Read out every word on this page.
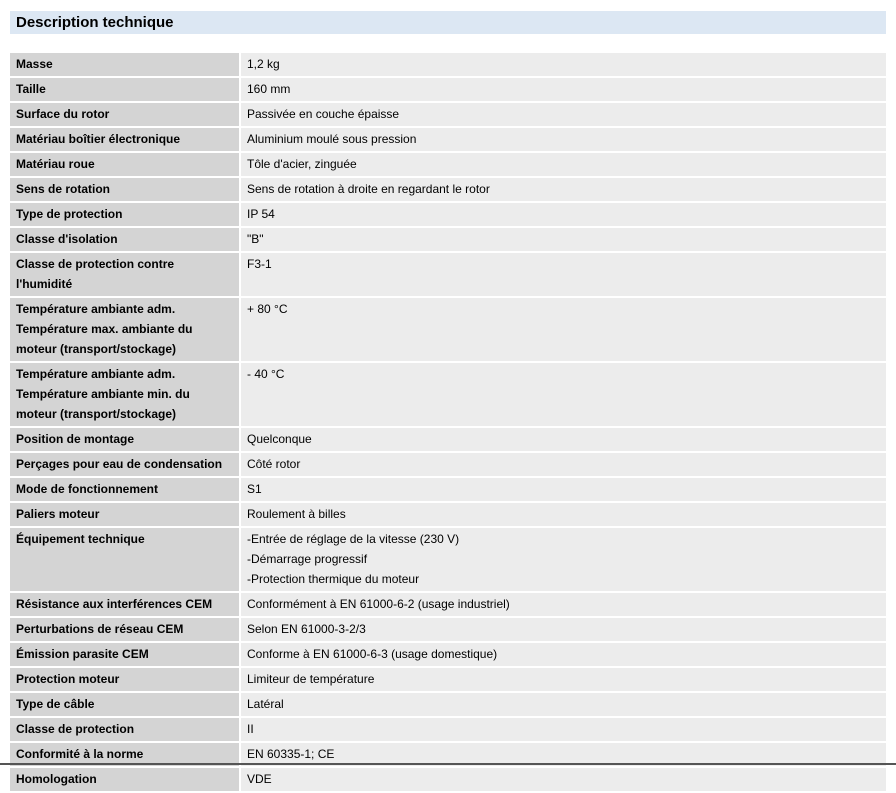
Description technique
Masse	1,2 kg
Taille	160 mm
Surface du rotor	Passivée en couche épaisse
Matériau boîtier électronique	Aluminium moulé sous pression
Matériau roue	Tôle d'acier, zinguée
Sens de rotation	Sens de rotation à droite en regardant le rotor
Type de protection	IP 54
Classe d'isolation	"B"
Classe de protection contre l'humidité	F3-1
Température ambiante adm. Température max. ambiante du moteur (transport/stockage)	+ 80 °C
Température ambiante adm. Température ambiante min. du moteur (transport/stockage)	- 40 °C
Position de montage	Quelconque
Perçages pour eau de condensation	Côté rotor
Mode de fonctionnement	S1
Paliers moteur	Roulement à billes
Équipement technique	-Entrée de réglage de la vitesse (230 V)
-Démarrage progressif
-Protection thermique du moteur
Résistance aux interférences CEM	Conformément à EN 61000-6-2 (usage industriel)
Perturbations de réseau CEM	Selon EN 61000-3-2/3
Émission parasite CEM	Conforme à EN 61000-6-3 (usage domestique)
Protection moteur	Limiteur de température
Type de câble	Latéral
Classe de protection	II
Conformité à la norme	EN 60335-1; CE
Homologation	VDE
